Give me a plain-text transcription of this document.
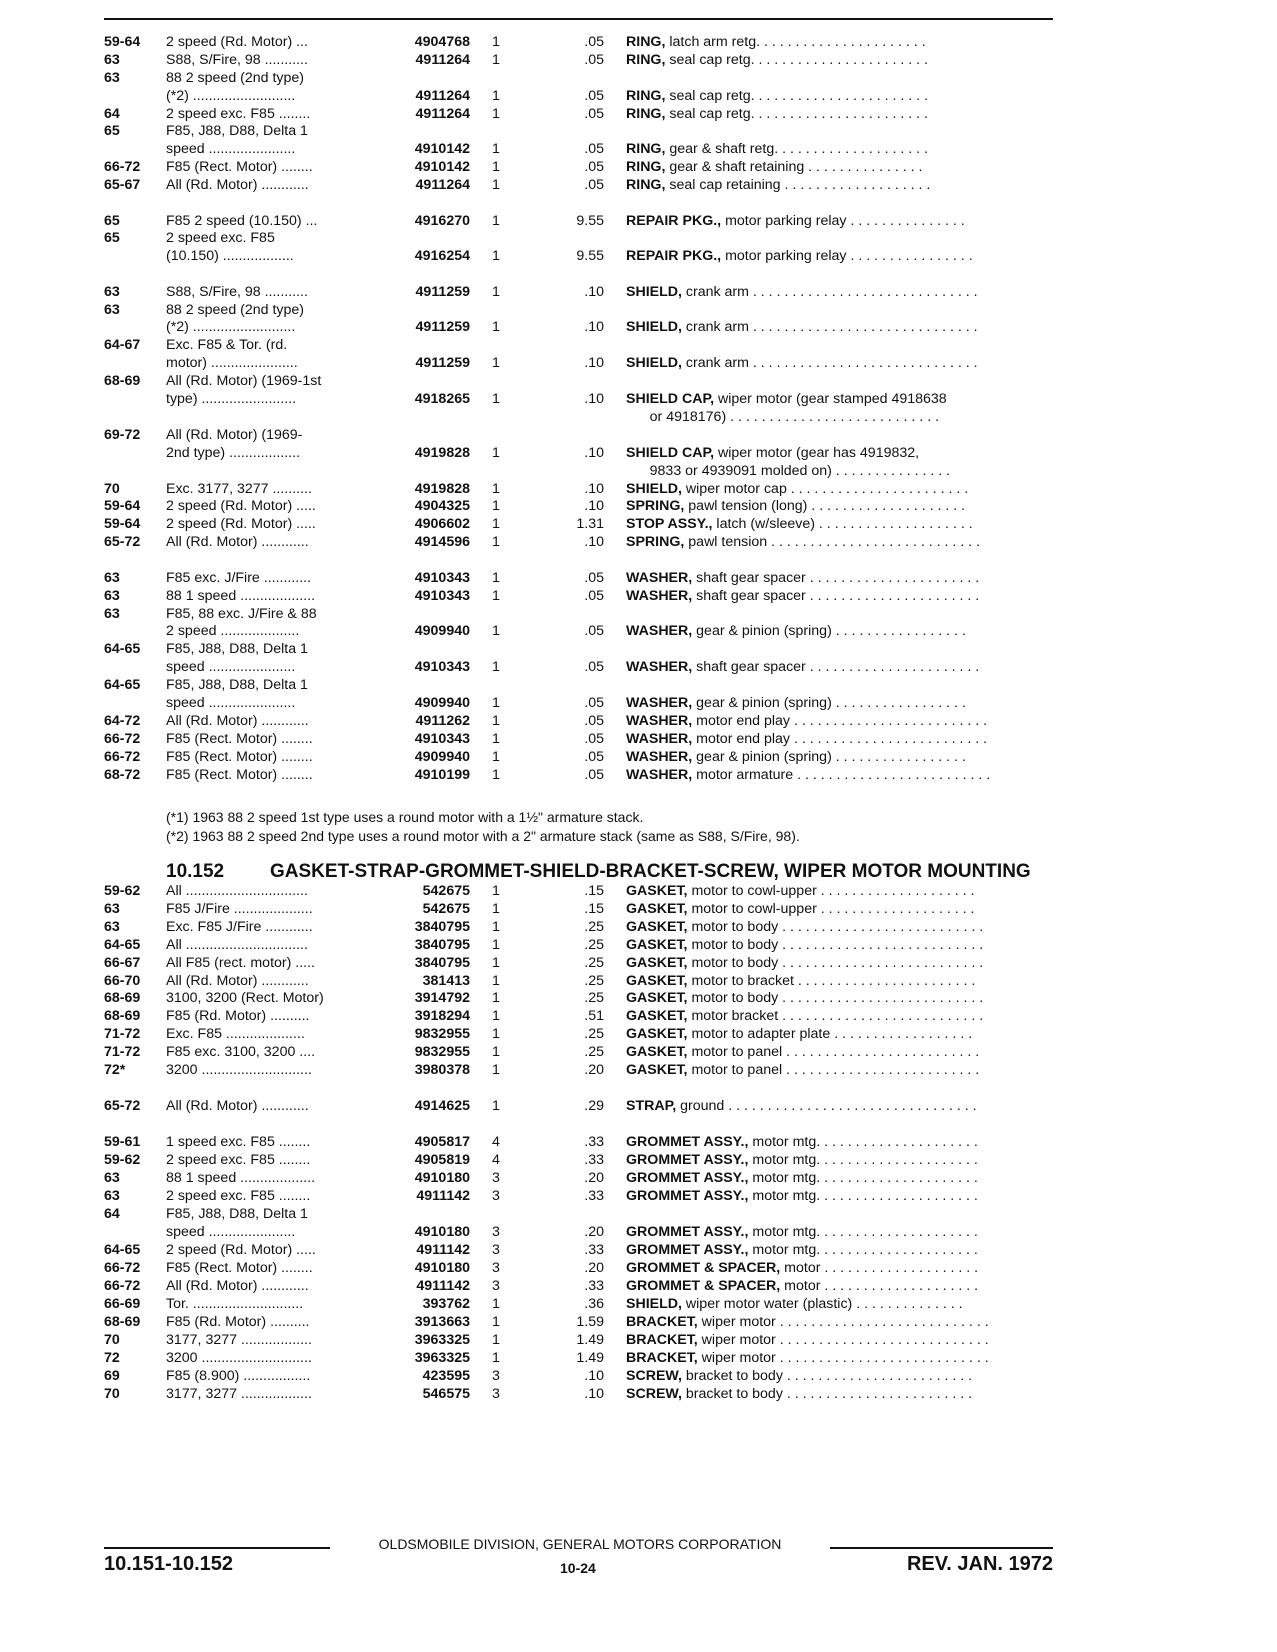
59-64 2 speed (Rd. Motor) ...	4904768 1	.05 RING, latch arm retg. . . . . . . . . . . . . . . . . . . . . .
63	S88, S/Fire, 98 ...........	4911264 1	.05 RING, seal cap retg. . . . . . . . . . . . . . . . . . . . . . .
63	88 2 speed (2nd type)
(*2) ..........................	4911264 1	.05 RING, seal cap retg. . . . . . . . . . . . . . . . . . . . . . .
64	2 speed exc. F85 ........	4911264 1	.05 RING, seal cap retg. . . . . . . . . . . . . . . . . . . . . . .
65	F85, J88, D88, Delta 1
speed ......................	4910142 1	.05 RING, gear & shaft retg. . . . . . . . . . . . . . . . . . . .
66-72 F85 (Rect. Motor) ........	4910142 1	.05 RING, gear & shaft retaining . . . . . . . . . . . . . . .
65-67 All (Rd. Motor) ............	4911264 1	.05 RING, seal cap retaining . . . . . . . . . . . . . . . . . . .
65	F85 2 speed (10.150) ...	4916270 1	9.55 REPAIR PKG., motor parking relay . . . . . . . . . . . . . . .
65	2 speed exc. F85
(10.150) ..................	4916254 1	9.55 REPAIR PKG., motor parking relay . . . . . . . . . . . . . . . .
63	S88, S/Fire, 98 ...........	4911259 1	.10 SHIELD, crank arm . . . . . . . . . . . . . . . . . . . . . . . . . . . . .
63	88 2 speed (2nd type)
(*2) ..........................	4911259 1	.10 SHIELD, crank arm . . . . . . . . . . . . . . . . . . . . . . . . . . . . .
64-67 Exc. F85 & Tor. (rd.
motor) ......................	4911259 1	.10 SHIELD, crank arm . . . . . . . . . . . . . . . . . . . . . . . . . . . . .
68-69 All (Rd. Motor) (1969-1st
type) ........................	4918265 1	.10 SHIELD CAP, wiper motor (gear stamped 4918638
or 4918176) . . . . . . . . . . . . . . . . . . . . . . . . . . .
69-72 All (Rd. Motor) (1969-
2nd type) ..................	4919828 1	.10 SHIELD CAP, wiper motor (gear has 4919832,
9833 or 4939091 molded on) . . . . . . . . . . . . . . .
70	Exc. 3177, 3277 ..........	4919828 1	.10 SHIELD, wiper motor cap . . . . . . . . . . . . . . . . . . . . . . .
59-64 2 speed (Rd. Motor) .....	4904325 1	.10 SPRING, pawl tension (long) . . . . . . . . . . . . . . . . . . . .
59-64 2 speed (Rd. Motor) .....	4906602 1	1.31 STOP ASSY., latch (w/sleeve) . . . . . . . . . . . . . . . . . . . .
65-72 All (Rd. Motor) ............	4914596 1	.10 SPRING, pawl tension . . . . . . . . . . . . . . . . . . . . . . . . . . .
63	F85 exc. J/Fire ............	4910343 1	.05 WASHER, shaft gear spacer . . . . . . . . . . . . . . . . . . . . . .
63	88 1 speed ...................	4910343 1	.05 WASHER, shaft gear spacer . . . . . . . . . . . . . . . . . . . . . .
63	F85, 88 exc. J/Fire & 88
2 speed ....................	4909940 1	.05 WASHER, gear & pinion (spring) . . . . . . . . . . . . . . . . .
64-65 F85, J88, D88, Delta 1
speed ......................	4910343 1	.05 WASHER, shaft gear spacer . . . . . . . . . . . . . . . . . . . . . .
64-65 F85, J88, D88, Delta 1
speed ......................	4909940 1	.05 WASHER, gear & pinion (spring) . . . . . . . . . . . . . . . . .
64-72 All (Rd. Motor) ............	4911262 1	.05 WASHER, motor end play . . . . . . . . . . . . . . . . . . . . . . . . .
66-72 F85 (Rect. Motor) ........	4910343 1	.05 WASHER, motor end play . . . . . . . . . . . . . . . . . . . . . . . . .
66-72 F85 (Rect. Motor) ........	4909940 1	.05 WASHER, gear & pinion (spring) . . . . . . . . . . . . . . . . .
68-72 F85 (Rect. Motor) ........	4910199 1	.05 WASHER, motor armature . . . . . . . . . . . . . . . . . . . . . . . . .
(*1) 1963 88 2 speed 1st type uses a round motor with a 1½" armature stack.
(*2) 1963 88 2 speed 2nd type uses a round motor with a 2" armature stack (same as S88, S/Fire, 98).
10.152 GASKET-STRAP-GROMMET-SHIELD-BRACKET-SCREW, WIPER MOTOR MOUNTING
59-62 All ...............................	542675 1	.15 GASKET, motor to cowl-upper . . . . . . . . . . . . . . . . . . . .
63	F85 J/Fire ....................	542675 1	.15 GASKET, motor to cowl-upper . . . . . . . . . . . . . . . . . . . .
63	Exc. F85 J/Fire ............	3840795 1	.25 GASKET, motor to body . . . . . . . . . . . . . . . . . . . . . . . . . .
64-65 All ...............................	3840795 1	.25 GASKET, motor to body . . . . . . . . . . . . . . . . . . . . . . . . . .
66-67 All F85 (rect. motor) .....	3840795 1	.25 GASKET, motor to body . . . . . . . . . . . . . . . . . . . . . . . . . .
66-70 All (Rd. Motor) ............	381413 1	.25 GASKET, motor to bracket . . . . . . . . . . . . . . . . . . . . . . .
68-69 3100, 3200 (Rect. Motor)	3914792 1	.25 GASKET, motor to body . . . . . . . . . . . . . . . . . . . . . . . . . .
68-69 F85 (Rd. Motor) ..........	3918294 1	.51 GASKET, motor bracket . . . . . . . . . . . . . . . . . . . . . . . . . .
71-72 Exc. F85 ....................	9832955 1	.25 GASKET, motor to adapter plate . . . . . . . . . . . . . . . . . .
71-72 F85 exc. 3100, 3200 ....	9832955 1	.25 GASKET, motor to panel . . . . . . . . . . . . . . . . . . . . . . . . .
72*	3200 ............................	3980378 1	.20 GASKET, motor to panel . . . . . . . . . . . . . . . . . . . . . . . . .
65-72 All (Rd. Motor) ............	4914625 1	.29 STRAP, ground . . . . . . . . . . . . . . . . . . . . . . . . . . . . . . . .
59-61 1 speed exc. F85 ........	4905817 4	.33 GROMMET ASSY., motor mtg. . . . . . . . . . . . . . . . . . . . .
59-62 2 speed exc. F85 ........	4905819 4	.33 GROMMET ASSY., motor mtg. . . . . . . . . . . . . . . . . . . . .
63	88 1 speed ...................	4910180 3	.20 GROMMET ASSY., motor mtg. . . . . . . . . . . . . . . . . . . . .
63	2 speed exc. F85 ........	4911142 3	.33 GROMMET ASSY., motor mtg. . . . . . . . . . . . . . . . . . . . .
64	F85, J88, D88, Delta 1
speed ......................	4910180 3	.20 GROMMET ASSY., motor mtg. . . . . . . . . . . . . . . . . . . . .
64-65 2 speed (Rd. Motor) .....	4911142 3	.33 GROMMET ASSY., motor mtg. . . . . . . . . . . . . . . . . . . . .
66-72 F85 (Rect. Motor) ........	4910180 3	.20 GROMMET & SPACER, motor . . . . . . . . . . . . . . . . . . . .
66-72 All (Rd. Motor) ............	4911142 3	.33 GROMMET & SPACER, motor . . . . . . . . . . . . . . . . . . . .
66-69 Tor. ............................	393762 1	.36 SHIELD, wiper motor water (plastic) . . . . . . . . . . . . . .
68-69 F85 (Rd. Motor) ..........	3913663 1	1.59 BRACKET, wiper motor . . . . . . . . . . . . . . . . . . . . . . . . . . .
70	3177, 3277 ..................	3963325 1	1.49 BRACKET, wiper motor . . . . . . . . . . . . . . . . . . . . . . . . . . .
72	3200 ............................	3963325 1	1.49 BRACKET, wiper motor . . . . . . . . . . . . . . . . . . . . . . . . . . .
69	F85 (8.900) .................	423595 3	.10 SCREW, bracket to body . . . . . . . . . . . . . . . . . . . . . . . .
70	3177, 3277 ..................	546575 3	.10 SCREW, bracket to body . . . . . . . . . . . . . . . . . . . . . . . .
OLDSMOBILE DIVISION, GENERAL MOTORS CORPORATION
10.151-10.152	10-24	REV. JAN. 1972
